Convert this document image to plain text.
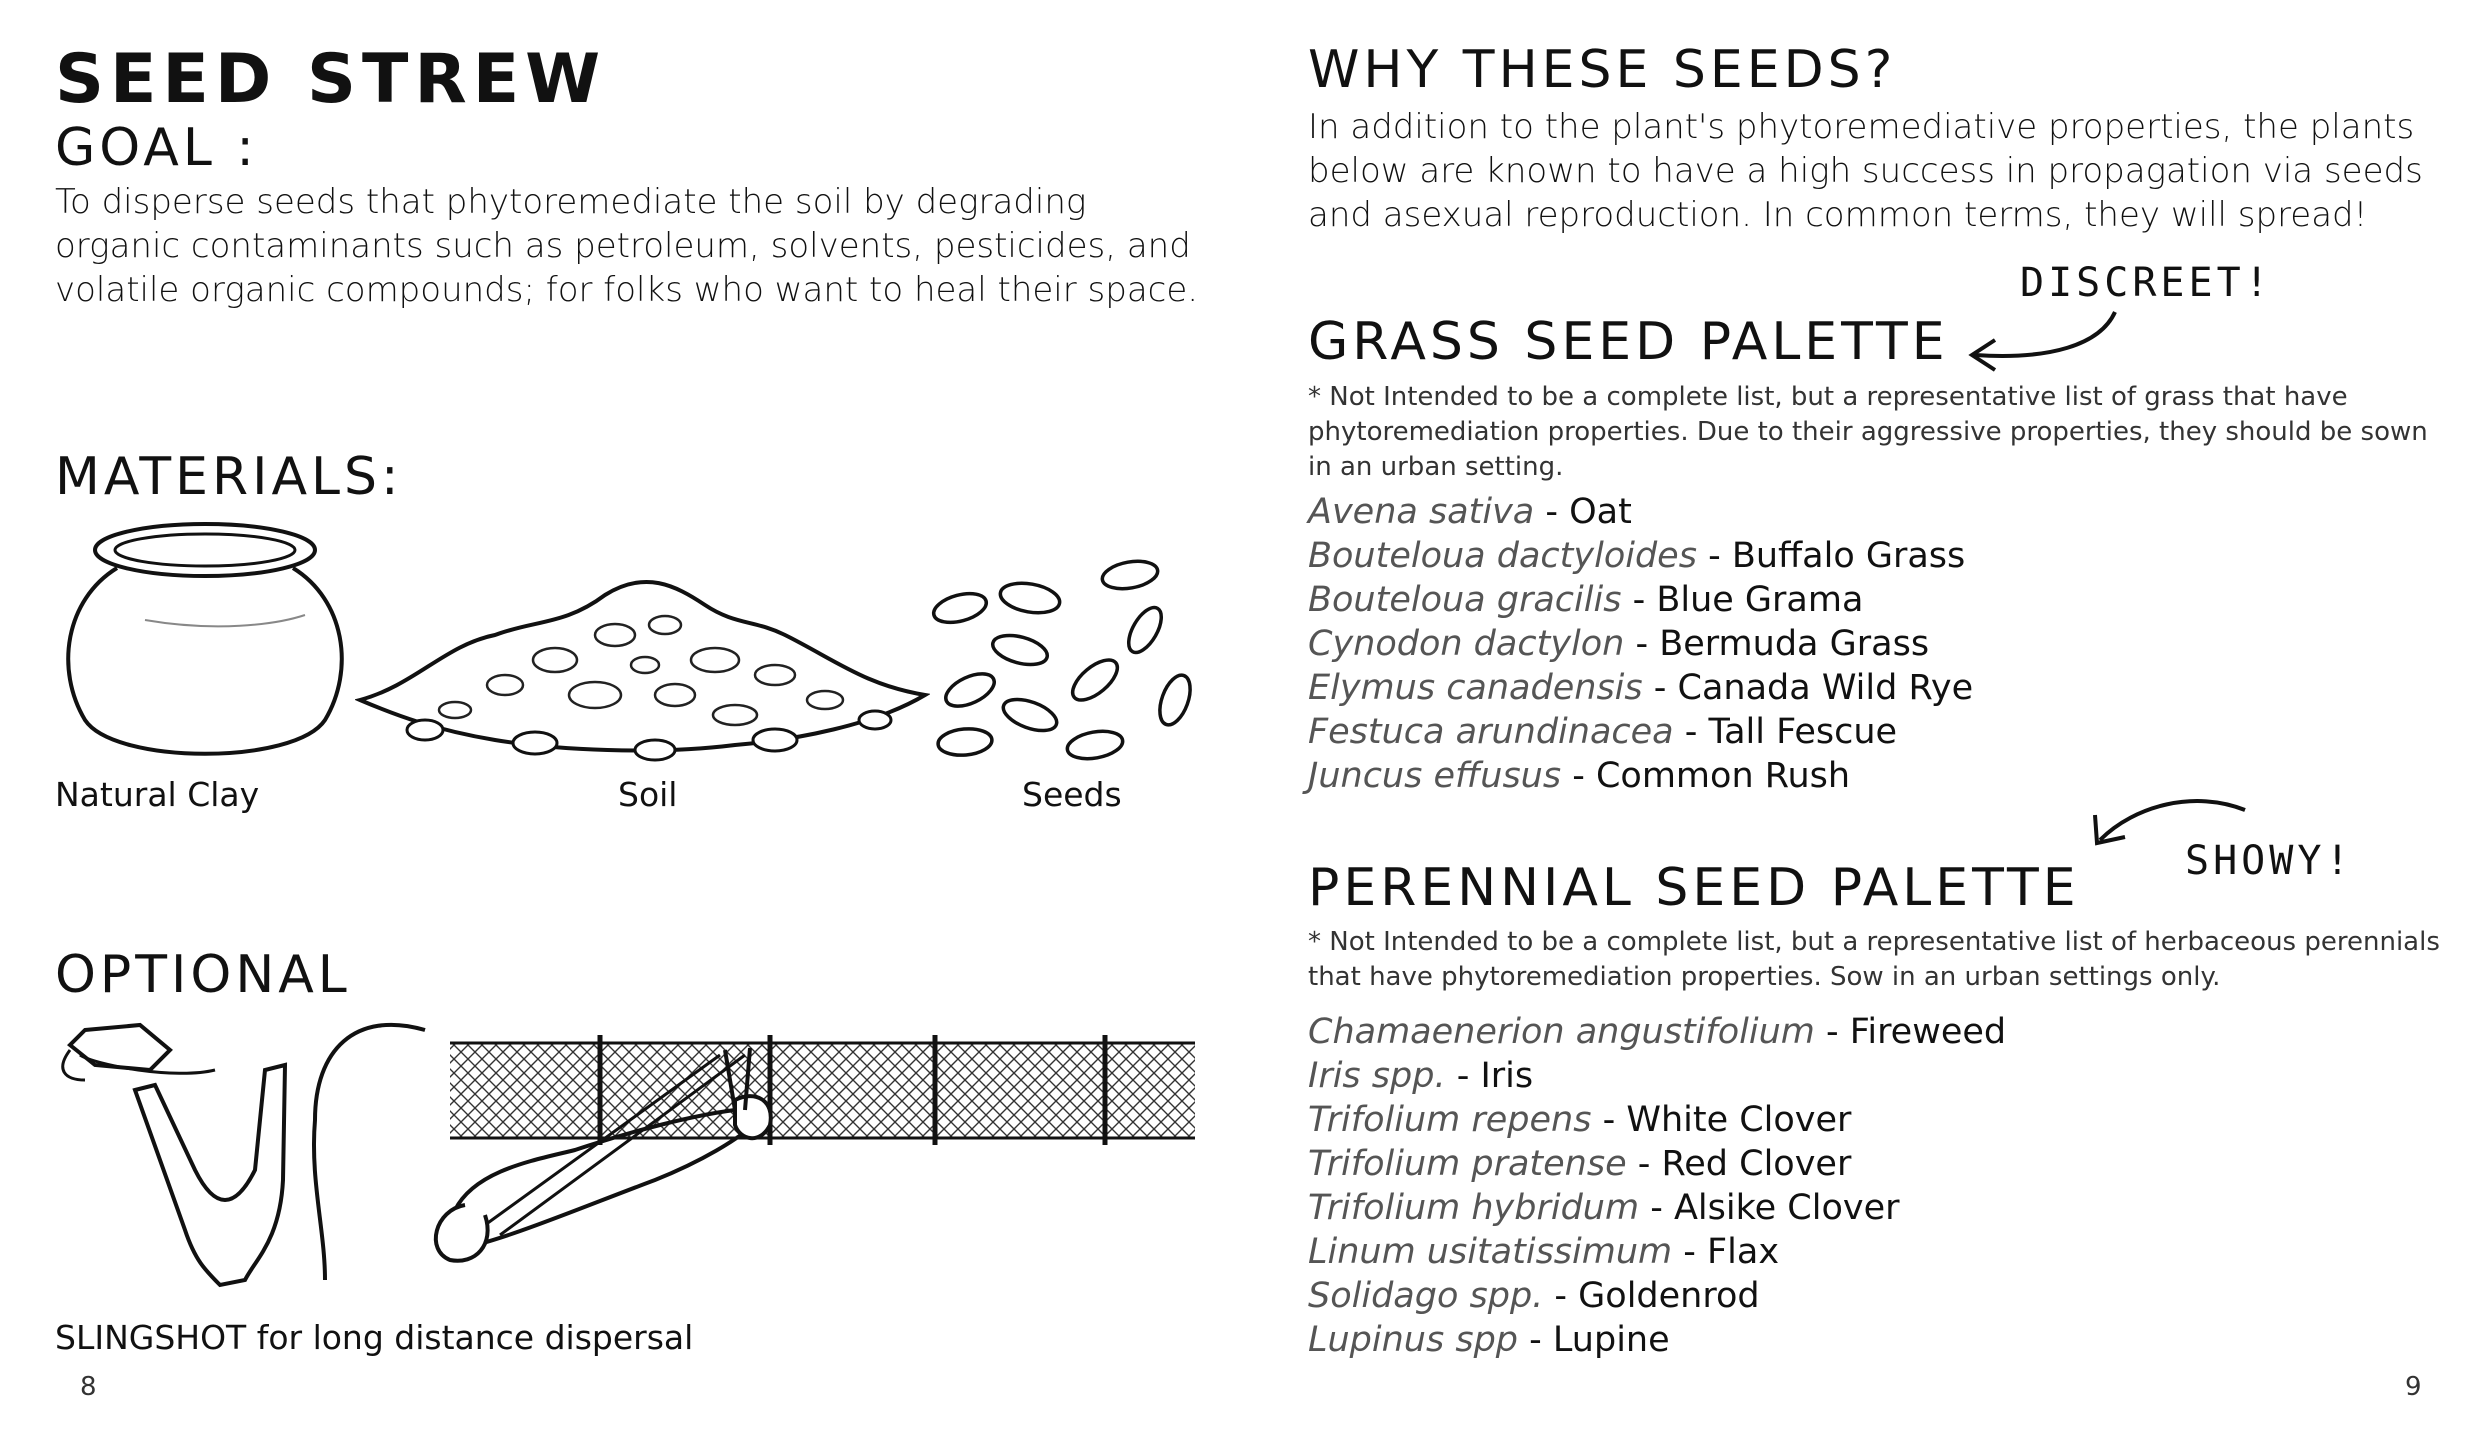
SEED STREW
GOAL :
To disperse seeds that phytoremediate the soil by degrading organic contaminants such as petroleum, solvents, pesticides, and volatile organic compounds; for folks who want to heal their space.
MATERIALS:
Natural Clay	Soil	Seeds
OPTIONAL
SLINGSHOT for long distance dispersal
8
WHY THESE SEEDS?
In addition to the plant's phytoremediative properties, the plants below are known to have a high success in propagation via seeds and asexual reproduction. In common terms, they will spread!
GRASS SEED PALETTE
DISCREET!
* Not Intended to be a complete list, but a representative list of grass that have phytoremediation properties. Due to their aggressive properties, they should be sown in an urban setting.
Avena sativa - Oat
Bouteloua dactyloides - Buffalo Grass
Bouteloua gracilis - Blue Grama
Cynodon dactylon - Bermuda Grass
Elymus canadensis - Canada Wild Rye
Festuca arundinacea - Tall Fescue
Juncus effusus - Common Rush
SHOWY!
PERENNIAL SEED PALETTE
* Not Intended to be a complete list, but a representative list of herbaceous perennials that have phytoremediation properties. Sow in an urban settings only.
Chamaenerion angustifolium - Fireweed
Iris spp. - Iris
Trifolium repens - White Clover
Trifolium pratense - Red Clover
Trifolium hybridum - Alsike Clover
Linum usitatissimum - Flax
Solidago spp. - Goldenrod
Lupinus spp - Lupine
9
